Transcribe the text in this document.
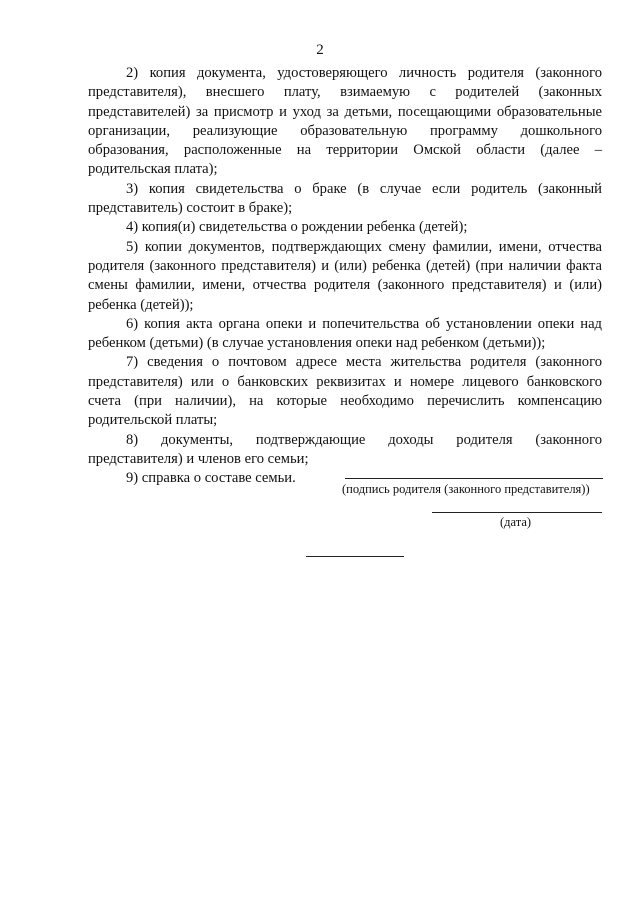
2

2) копия документа, удостоверяющего личность родителя (законного представителя), внесшего плату, взимаемую с родителей (законных представителей) за присмотр и уход за детьми, посещающими образовательные организации, реализующие образовательную программу дошкольного образования, расположенные на территории Омской области (далее – родительская плата);

3) копия свидетельства о браке (в случае если родитель (законный представитель) состоит в браке);

4) копия(и) свидетельства о рождении ребенка (детей);

5) копии документов, подтверждающих смену фамилии, имени, отчества родителя (законного представителя) и (или) ребенка (детей) (при наличии факта смены фамилии, имени, отчества родителя (законного представителя) и (или) ребенка (детей));

6) копия акта органа опеки и попечительства об установлении опеки над ребенком (детьми) (в случае установления опеки над ребенком (детьми));

7) сведения о почтовом адресе места жительства родителя (законного представителя) или о банковских реквизитах и номере лицевого банковского счета (при наличии), на которые необходимо перечислить компенсацию родительской платы;

8) документы, подтверждающие доходы родителя (законного представителя) и членов его семьи;

9) справка о составе семьи.

(подпись родителя (законного представителя))
(дата)
